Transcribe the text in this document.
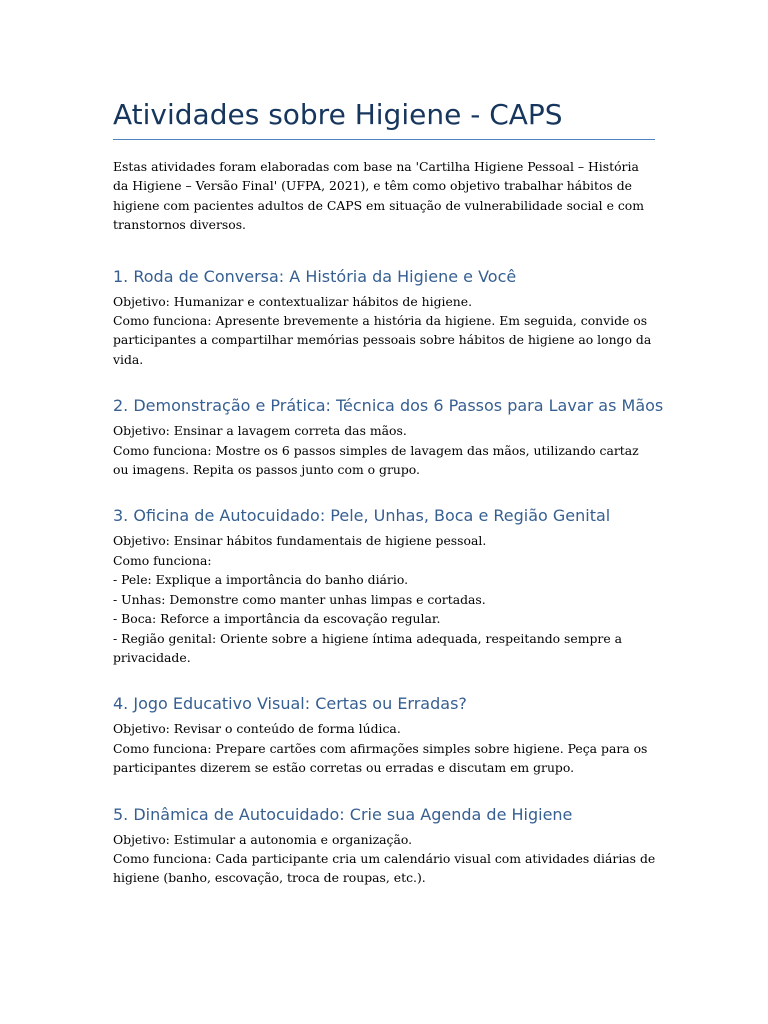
Atividades sobre Higiene - CAPS

Estas atividades foram elaboradas com base na 'Cartilha Higiene Pessoal – História da Higiene – Versão Final' (UFPA, 2021), e têm como objetivo trabalhar hábitos de higiene com pacientes adultos de CAPS em situação de vulnerabilidade social e com transtornos diversos.

1. Roda de Conversa: A História da Higiene e Você

Objetivo: Humanizar e contextualizar hábitos de higiene.

Como funciona: Apresente brevemente a história da higiene. Em seguida, convide os participantes a compartilhar memórias pessoais sobre hábitos de higiene ao longo da vida.

2. Demonstração e Prática: Técnica dos 6 Passos para Lavar as Mãos

Objetivo: Ensinar a lavagem correta das mãos.

Como funciona: Mostre os 6 passos simples de lavagem das mãos, utilizando cartaz ou imagens. Repita os passos junto com o grupo.

3. Oficina de Autocuidado: Pele, Unhas, Boca e Região Genital

Objetivo: Ensinar hábitos fundamentais de higiene pessoal.

Como funciona:

- Pele: Explique a importância do banho diário.

- Unhas: Demonstre como manter unhas limpas e cortadas.

- Boca: Reforce a importância da escovação regular.

- Região genital: Oriente sobre a higiene íntima adequada, respeitando sempre a privacidade.

4. Jogo Educativo Visual: Certas ou Erradas?

Objetivo: Revisar o conteúdo de forma lúdica.

Como funciona: Prepare cartões com afirmações simples sobre higiene. Peça para os participantes dizerem se estão corretas ou erradas e discutam em grupo.

5. Dinâmica de Autocuidado: Crie sua Agenda de Higiene

Objetivo: Estimular a autonomia e organização.

Como funciona: Cada participante cria um calendário visual com atividades diárias de higiene (banho, escovação, troca de roupas, etc.).
